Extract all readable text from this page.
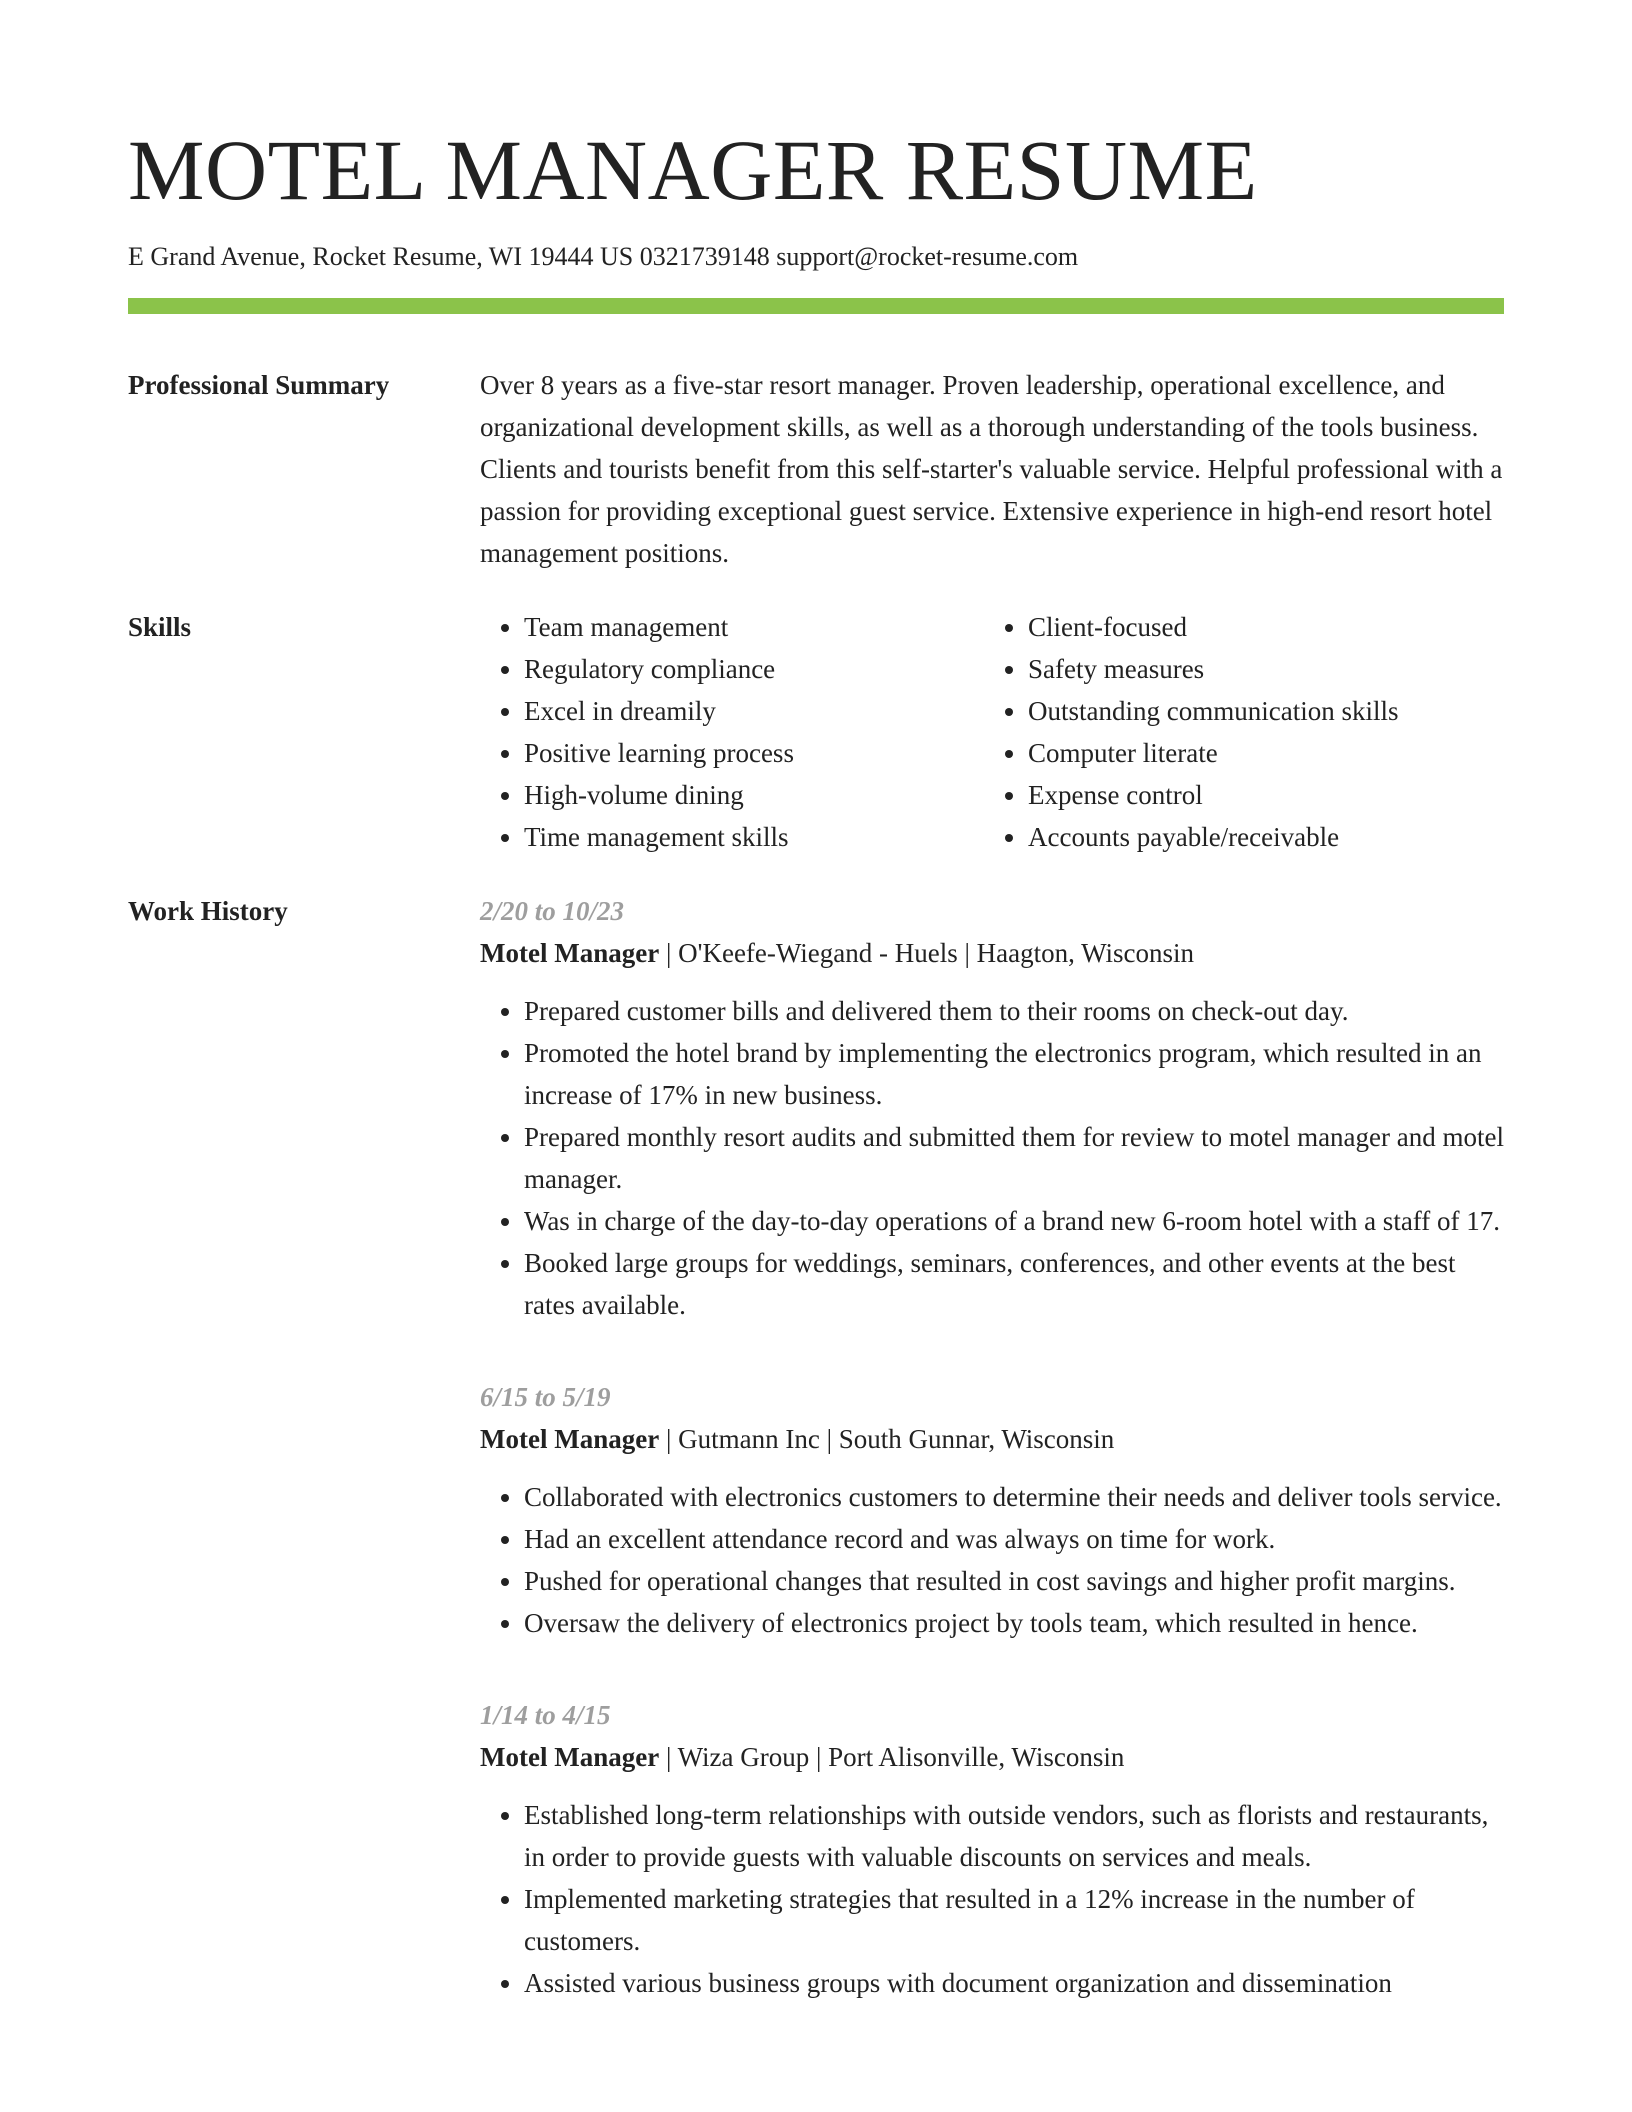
MOTEL MANAGER RESUME
E Grand Avenue, Rocket Resume, WI 19444 US 0321739148 support@rocket-resume.com
Professional Summary	Over 8 years as a five-star resort manager. Proven leadership, operational excellence, and organizational development skills, as well as a thorough understanding of the tools business. Clients and tourists benefit from this self-starter's valuable service. Helpful professional with a passion for providing exceptional guest service. Extensive experience in high-end resort hotel management positions.
Skills
•	Team management
• Regulatory compliance
• Excel in dreamily
• Positive learning process
• High-volume dining
• Time management skills
• Client-focused
• Safety measures
• Outstanding communication skills
• Computer literate
• Expense control
• Accounts payable/receivable
Work History	2/20 to 10/23
Motel Manager | O'Keefe-Wiegand - Huels | Haagton, Wisconsin
• Prepared customer bills and delivered them to their rooms on check-out day.
• Promoted the hotel brand by implementing the electronics program, which resulted in an increase of 17% in new business.
• Prepared monthly resort audits and submitted them for review to motel manager and motel manager.
• Was in charge of the day-to-day operations of a brand new 6-room hotel with a staff of 17.
• Booked large groups for weddings, seminars, conferences, and other events at the best rates available.
6/15 to 5/19
Motel Manager | Gutmann Inc | South Gunnar, Wisconsin
• Collaborated with electronics customers to determine their needs and deliver tools service.
• Had an excellent attendance record and was always on time for work.
• Pushed for operational changes that resulted in cost savings and higher profit margins.
• Oversaw the delivery of electronics project by tools team, which resulted in hence.
1/14 to 4/15
Motel Manager | Wiza Group | Port Alisonville, Wisconsin
• Established long-term relationships with outside vendors, such as florists and restaurants, in order to provide guests with valuable discounts on services and meals.
• Implemented marketing strategies that resulted in a 12% increase in the number of customers.
• Assisted various business groups with document organization and dissemination
